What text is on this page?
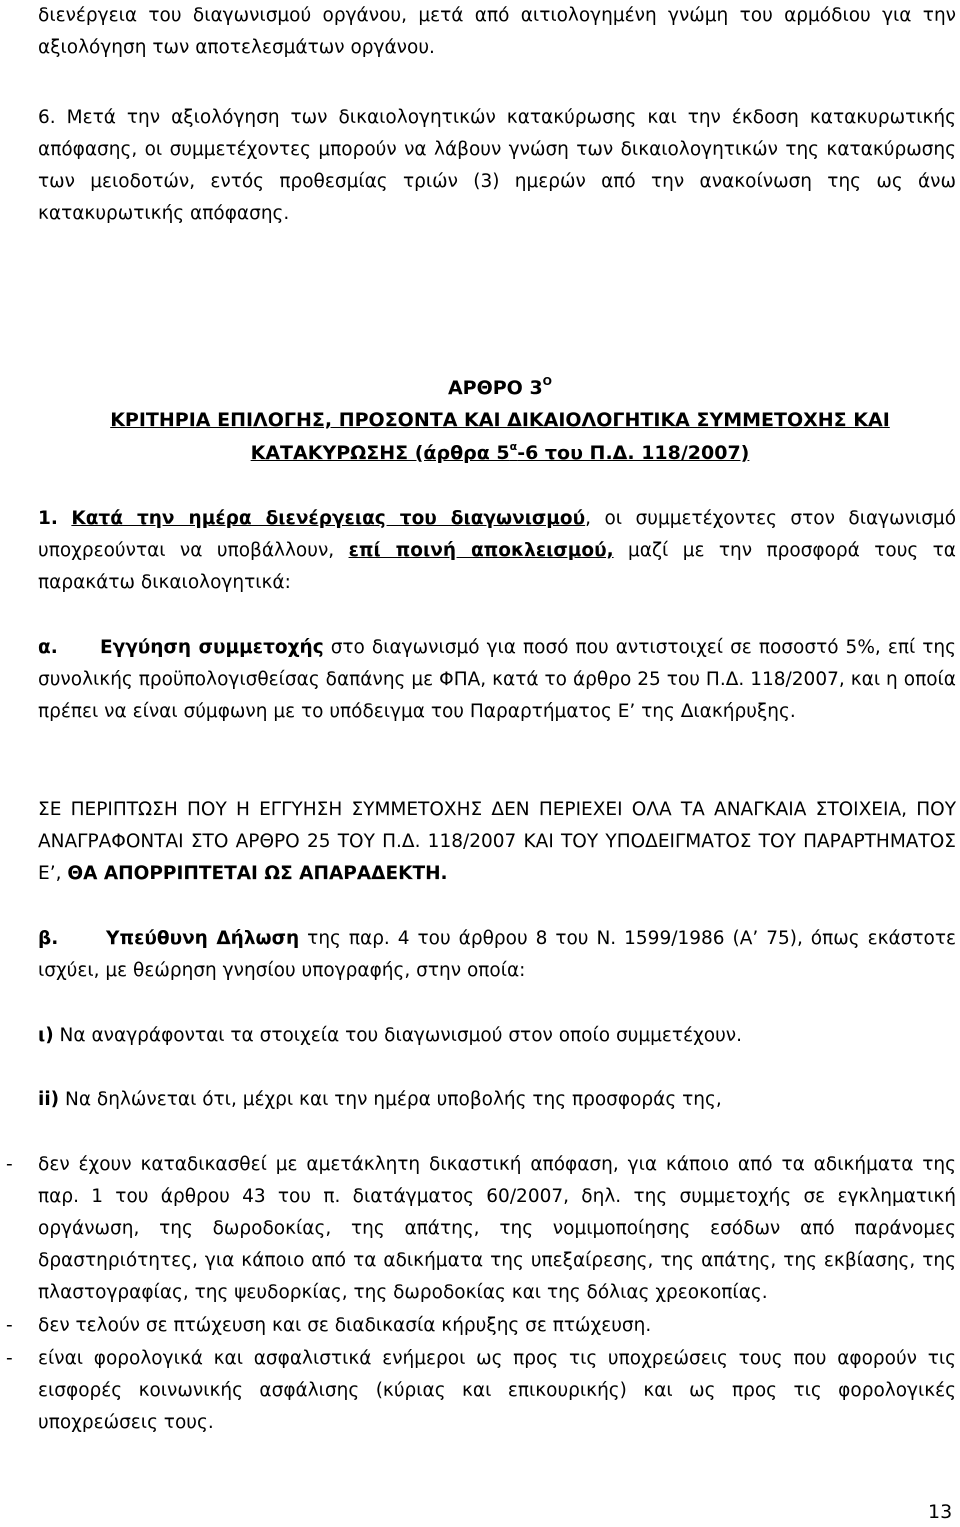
διενέργεια του διαγωνισμού οργάνου, μετά από αιτιολογημένη γνώμη του αρμόδιου για την αξιολόγηση των αποτελεσμάτων οργάνου.

6. Μετά την αξιολόγηση των δικαιολογητικών κατακύρωσης και την έκδοση κατακυρωτικής απόφασης, οι συμμετέχοντες μπορούν να λάβουν γνώση των δικαιολογητικών της κατακύρωσης των μειοδοτών, εντός προθεσμίας τριών (3) ημερών από την ανακοίνωση της ως άνω κατακυρωτικής απόφασης.

ΑΡΘΡΟ $3^O$

ΚΡΙΤΗΡΙΑ ΕΠΙΛΟΓΗΣ, ΠΡΟΣΟΝΤΑ ΚΑΙ ΔΙΚΑΙΟΛΟΓΗΤΙΚΑ ΣΥΜΜΕΤΟΧΗΣ ΚΑΙ

ΚΑΤΑΚΥΡΩΣΗΣ (άρθρα $5^\alpha-6$ του Π.Δ. 118/2007)

1. Κατά την ημέρα διενέργειας του διαγωνισμού, οι συμμετέχοντες στον διαγωνισμό υποχρεούνται να υποβάλλουν, επί ποινή αποκλεισμού, μαζί με την προσφορά τους τα παρακάτω δικαιολογητικά:

α. Εγγύηση συμμετοχής στο διαγωνισμό για ποσό που αντιστοιχεί σε ποσοστό 5%, επί της συνολικής προϋπολογισθείσας δαπάνης με ΦΠΑ, κατά το άρθρο 25 του Π.Δ. 118/2007, και η οποία πρέπει να είναι σύμφωνη με το υπόδειγμα του Παραρτήματος Ε’ της Διακήρυξης.

ΣΕ ΠΕΡΙΠΤΩΣΗ ΠΟΥ Η ΕΓΓΥΗΣΗ ΣΥΜΜΕΤΟΧΗΣ ΔΕΝ ΠΕΡΙΕΧΕΙ ΟΛΑ ΤΑ ΑΝΑΓΚΑΙΑ ΣΤΟΙΧΕΙΑ, ΠΟΥ ΑΝΑΓΡΑΦΟΝΤΑΙ ΣΤΟ ΑΡΘΡΟ 25 ΤΟΥ Π.Δ. 118/2007 ΚΑΙ ΤΟΥ ΥΠΟΔΕΙΓΜΑΤΟΣ ΤΟΥ ΠΑΡΑΡΤΗΜΑΤΟΣ Ε’, ΘΑ ΑΠΟΡΡΙΠΤΕΤΑΙ ΩΣ ΑΠΑΡΑΔΕΚΤΗ.

β.	Υπεύθυνη Δήλωση της παρ. 4 του άρθρου 8 του Ν. 1599/1986 (Α’ 75), όπως εκάστοτε ισχύει, με θεώρηση γνησίου υπογραφής, στην οποία:

ι) Να αναγράφονται τα στοιχεία του διαγωνισμού στον οποίο συμμετέχουν.

ii) Να δηλώνεται ότι, μέχρι και την ημέρα υποβολής της προσφοράς της,

- δεν έχουν καταδικασθεί με αμετάκλητη δικαστική απόφαση, για κάποιο από τα αδικήματα της παρ. 1 του άρθρου 43 του π. διατάγματος 60/2007, δηλ. της συμμετοχής σε εγκληματική οργάνωση, της δωροδοκίας, της απάτης, της νομιμοποίησης εσόδων από παράνομες δραστηριότητες, για κάποιο από τα αδικήματα της υπεξαίρεσης, της απάτης, της εκβίασης, της πλαστογραφίας, της ψευδορκίας, της δωροδοκίας και της δόλιας χρεοκοπίας.
- δεν τελούν σε πτώχευση και σε διαδικασία κήρυξης σε πτώχευση.
- είναι φορολογικά και ασφαλιστικά ενήμεροι ως προς τις υποχρεώσεις τους που αφορούν τις εισφορές κοινωνικής ασφάλισης (κύριας και επικουρικής) και ως προς τις φορολογικές υποχρεώσεις τους.
13
